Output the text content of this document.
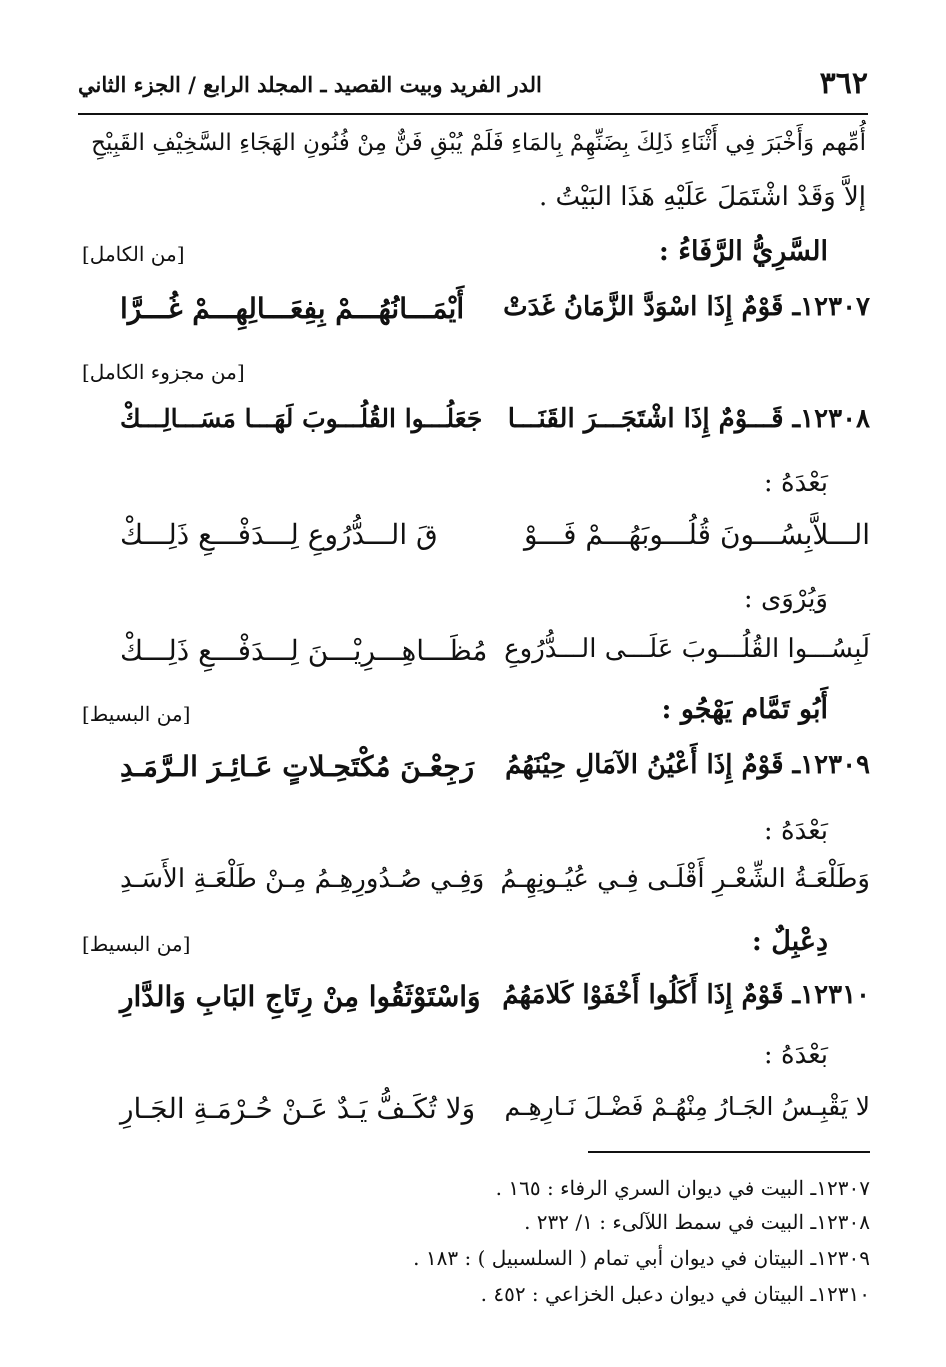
٣٦٢
الدر الفريد وبيت القصيد ـ المجلد الرابع / الجزء الثاني
أُمِّهم وَأَخْبَرَ فِي أَثْنَاءِ ذَلِكَ بِضَنِّهِمْ بِالمَاءِ فَلَمْ يُبْقِ فَنٌّ مِنْ فُنُونِ الهَجَاءِ السَّخِيْفِ القَبِيْحِ
إلاَّ وَقَدْ اشْتَمَلَ عَلَيْهِ هَذَا البَيْتُ .
السَّرِيُّ الرَّفَاءُ :
[من الكامل]
١٢٣٠٧ـ قَوْمٌ إِذَا اسْوَدَّ الزَّمَانُ غَدَتْ
أَيْمَـــانُهُـــمْ بِفِعَـــالِهِـــمْ غُـــرَّا
[من مجزوء الكامل]
١٢٣٠٨ـ قَـــوْمٌ إِذَا اشْتَجَـــرَ القَنَـــا
جَعَلُـــوا القُلُـــوبَ لَهَـــا مَسَـــالِـــكْ
بَعْدَهُ :
الـــلاَّبِسُـــونَ قُلُـــوبَهُـــمْ فَـــوْ
قَ الـــدُّرُوعِ لِـــدَفْـــعِ ذَلِـــكْ
وَيُرْوَى :
لَبِسُـــوا القُلُـــوبَ عَلَـــى الـــدُّرُوعِ
مُظَـــاهِـــرِيْـــنَ لِـــدَفْـــعِ ذَلِـــكْ
أَبُو تَمَّام يَهْجُو :
[من البسيط]
١٢٣٠٩ـ قَوْمٌ إِذَا أَعْيُنُ الآمَالِ حِيْنَهُمُ
رَجِعْـنَ مُكْتَحِـلاتٍ عَـائِـرَ الـرَّمَـدِ
بَعْدَهُ :
وَطَلْعَـةُ الشِّعْـرِ أَقْلَـى فِـي عُيُـونِهِـمُ
وَفِـي صُـدُورِهِـمُ مِـنْ طَلْعَـةِ الأَسَـدِ
دِعْبِلٌ :
[من البسيط]
١٢٣١٠ـ قَوْمٌ إِذَا أَكَلُوا أَخْفَوْا كَلامَهُمُ
وَاسْتَوْثَقُوا مِنْ رِتَاجِ البَابِ وَالدَّارِ
بَعْدَهُ :
لا يَقْبِـسُ الجَـارُ مِنْهُـمْ فَضْـلَ نَـارِهِـم
وَلا تُكَـفُّ يَـدٌ عَـنْ حُـرْمَـةِ الجَـارِ
١٢٣٠٧ـ البيت في ديوان السري الرفاء : ١٦٥ .
١٢٣٠٨ـ البيت في سمط اللآلىء : ١/ ٢٣٢ .
١٢٣٠٩ـ البيتان في ديوان أبي تمام ( السلسبيل ) : ١٨٣ .
١٢٣١٠ـ البيتان في ديوان دعبل الخزاعي : ٤٥٢ .
